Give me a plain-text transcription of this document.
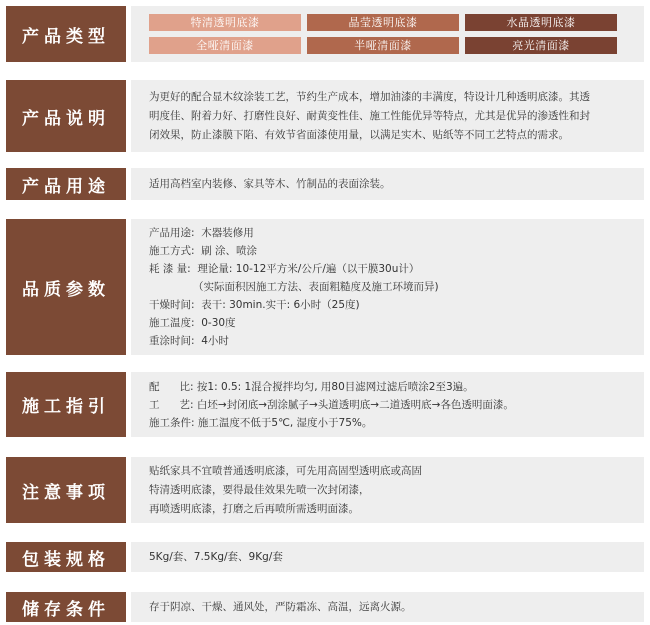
产品类型
特清透明底漆	晶莹透明底漆	水晶透明底漆
全哑清面漆	半哑清面漆	亮光清面漆
产品说明
为更好的配合显木纹涂装工艺，节约生产成本，增加油漆的丰满度，特设计几种透明底漆。其透
明度佳、附着力好、打磨性良好、耐黄变性佳、施工性能优异等特点，尤其是优异的渗透性和封
闭效果，防止漆膜下陷、有效节省面漆使用量，以满足实木、贴纸等不同工艺特点的需求。
产品用途	适用高档室内装修、家具等木、竹制品的表面涂装。
品质参数
产品用途: 木器装修用
施工方式: 刷 涂、喷涂
耗 漆 量: 理论量: 10-12平方米/公斤/遍（以干膜30u计）
（实际面积因施工方法、表面粗糙度及施工环境而异)
干燥时间: 表干: 30min.实干: 6小时（25度)
施工温度: 0-30度
重涂时间: 4小时
施工指引
配      比: 按1: 0.5: 1混合搅拌均匀, 用80目滤网过滤后喷涂2至3遍。
工      艺: 白坯→封闭底→刮涂腻子→头道透明底→二道透明底→各色透明面漆。
施工条件: 施工温度不低于5℃, 湿度小于75%。
注意事项
贴纸家具不宜喷普通透明底漆，可先用高固型透明底或高固
特清透明底漆，要得最佳效果先喷一次封闭漆，
再喷透明底漆，打磨之后再喷所需透明面漆。
包装规格	5Kg/套、7.5Kg/套、9Kg/套
储存条件	存于阴凉、干燥、通风处，严防霜冻、高温，远离火源。
